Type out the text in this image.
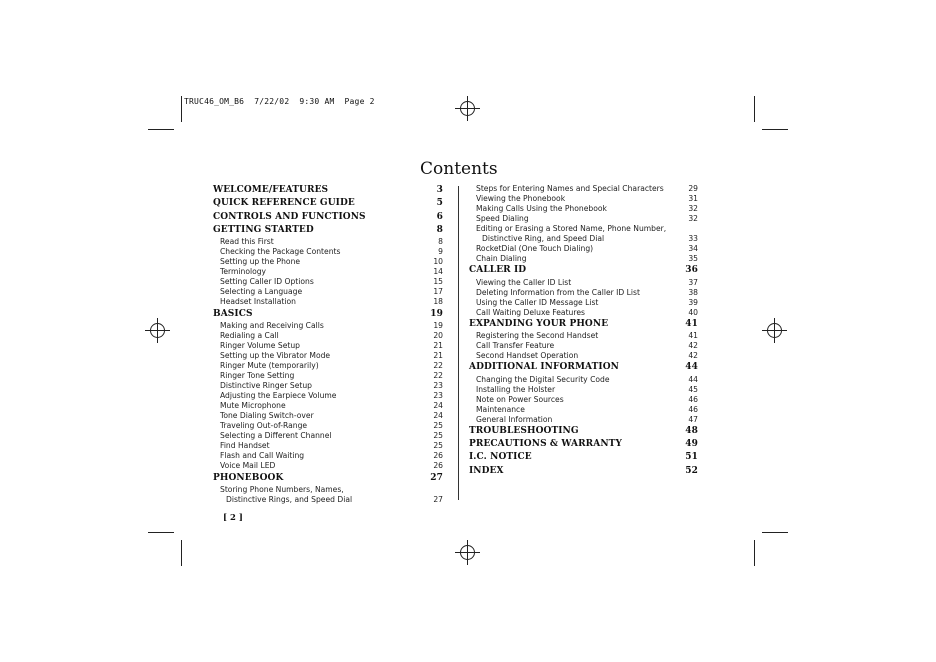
TRUC46_OM_B6  7/22/02  9:30 AM  Page 2
Contents
WELCOME/FEATURES	3
QUICK REFERENCE GUIDE	5
CONTROLS AND FUNCTIONS	6
GETTING STARTED	8
Read this First	8
Checking the Package Contents	9
Setting up the Phone	10
Terminology	14
Setting Caller ID Options	15
Selecting a Language	17
Headset Installation	18
BASICS	19
Making and Receiving Calls	19
Redialing a Call	20
Ringer Volume Setup	21
Setting up the Vibrator Mode	21
Ringer Mute (temporarily)	22
Ringer Tone Setting	22
Distinctive Ringer Setup	23
Adjusting the Earpiece Volume	23
Mute Microphone	24
Tone Dialing Switch-over	24
Traveling Out-of-Range	25
Selecting a Different Channel	25
Find Handset	25
Flash and Call Waiting	26
Voice Mail LED	26
PHONEBOOK	27
Storing Phone Numbers, Names,
Distinctive Rings, and Speed Dial	27
Steps for Entering Names and Special Characters	29
Viewing the Phonebook	31
Making Calls Using the Phonebook	32
Speed Dialing	32
Editing or Erasing a Stored Name, Phone Number,
Distinctive Ring, and Speed Dial	33
RocketDial (One Touch Dialing)	34
Chain Dialing	35
CALLER ID	36
Viewing the Caller ID List	37
Deleting Information from the Caller ID List	38
Using the Caller ID Message List	39
Call Waiting Deluxe Features	40
EXPANDING YOUR PHONE	41
Registering the Second Handset	41
Call Transfer Feature	42
Second Handset Operation	42
ADDITIONAL INFORMATION	44
Changing the Digital Security Code	44
Installing the Holster	45
Note on Power Sources	46
Maintenance	46
General Information	47
TROUBLESHOOTING	48
PRECAUTIONS & WARRANTY	49
I.C. NOTICE	51
INDEX	52
[ 2 ]
